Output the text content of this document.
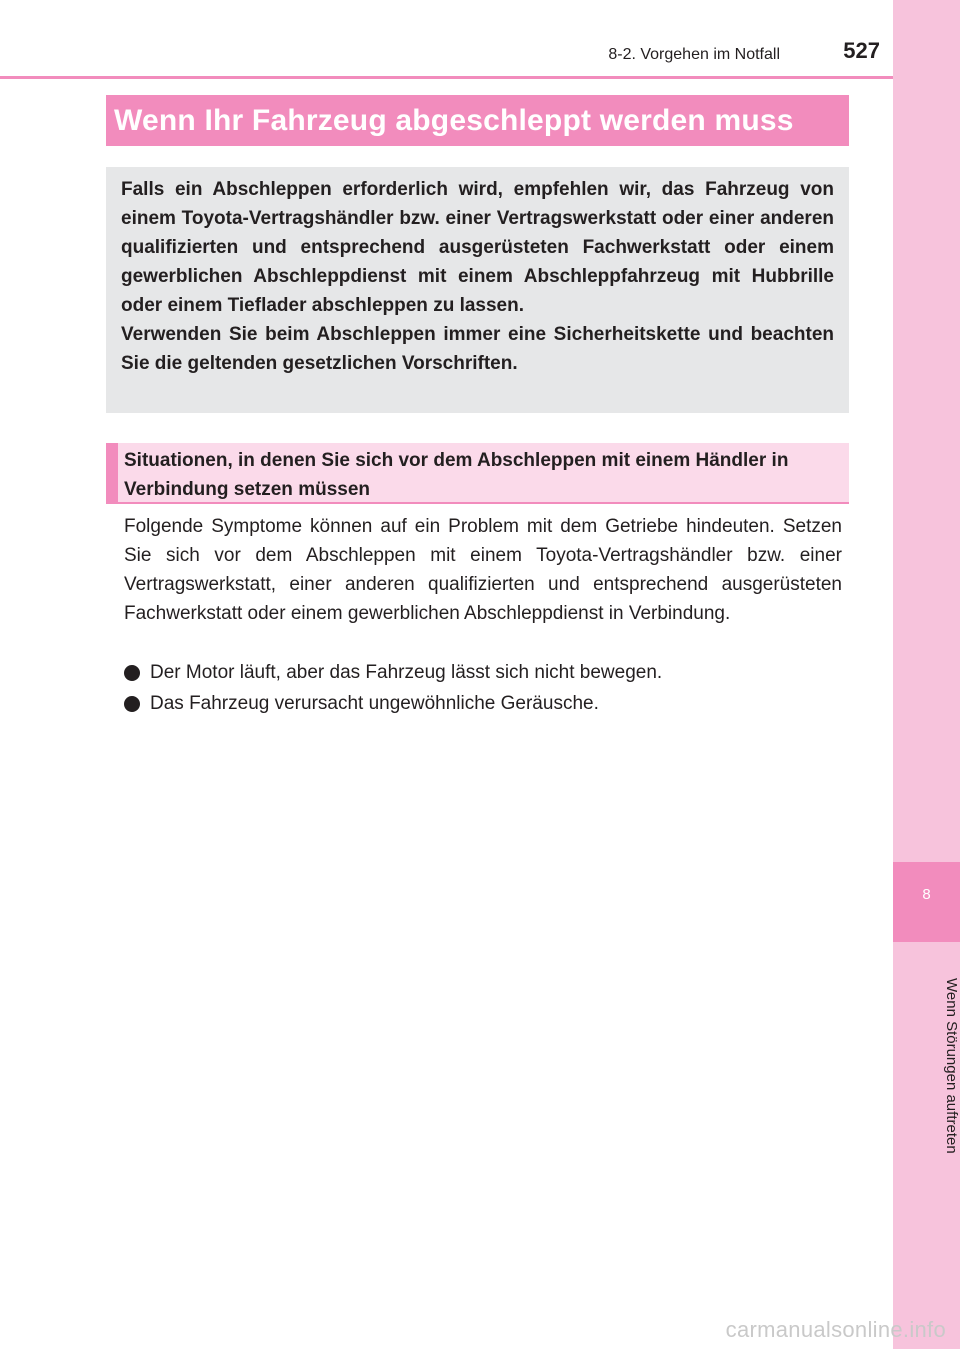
8-2. Vorgehen im Notfall	527
8
Wenn Störungen auftreten
Wenn Ihr Fahrzeug abgeschleppt werden muss

Falls ein Abschleppen erforderlich wird, empfehlen wir, das Fahrzeug von einem Toyota-Vertragshändler bzw. einer Vertragswerkstatt oder einer anderen qualifizierten und entsprechend ausgerüsteten Fachwerkstatt oder einem gewerblichen Abschleppdienst mit einem Abschleppfahrzeug mit Hubbrille oder einem Tieflader abschleppen zu lassen.

Verwenden Sie beim Abschleppen immer eine Sicherheitskette und beachten Sie die geltenden gesetzlichen Vorschriften.

Situationen, in denen Sie sich vor dem Abschleppen mit einem Händler in Verbindung setzen müssen

Folgende Symptome können auf ein Problem mit dem Getriebe hindeuten. Setzen Sie sich vor dem Abschleppen mit einem Toyota-Vertragshändler bzw. einer Vertragswerkstatt, einer anderen qualifizierten und entsprechend ausgerüsteten Fachwerkstatt oder einem gewerblichen Abschleppdienst in Verbindung.

Der Motor läuft, aber das Fahrzeug lässt sich nicht bewegen.
Das Fahrzeug verursacht ungewöhnliche Geräusche.
carmanualsonline.info
